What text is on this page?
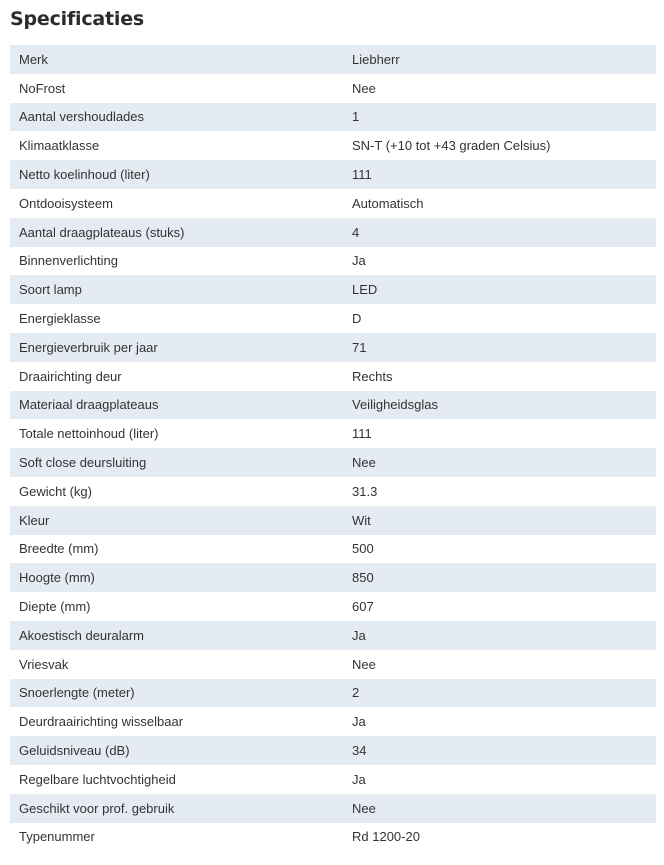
Specificaties
Merk	Liebherr
NoFrost	Nee
Aantal vershoudlades	1
Klimaatklasse	SN-T (+10 tot +43 graden Celsius)
Netto koelinhoud (liter)	111
Ontdooisysteem	Automatisch
Aantal draagplateaus (stuks)	4
Binnenverlichting	Ja
Soort lamp	LED
Energieklasse	D
Energieverbruik per jaar	71
Draairichting deur	Rechts
Materiaal draagplateaus	Veiligheidsglas
Totale nettoinhoud (liter)	111
Soft close deursluiting	Nee
Gewicht (kg)	31.3
Kleur	Wit
Breedte (mm)	500
Hoogte (mm)	850
Diepte (mm)	607
Akoestisch deuralarm	Ja
Vriesvak	Nee
Snoerlengte (meter)	2
Deurdraairichting wisselbaar	Ja
Geluidsniveau (dB)	34
Regelbare luchtvochtigheid	Ja
Geschikt voor prof. gebruik	Nee
Typenummer	Rd 1200-20
